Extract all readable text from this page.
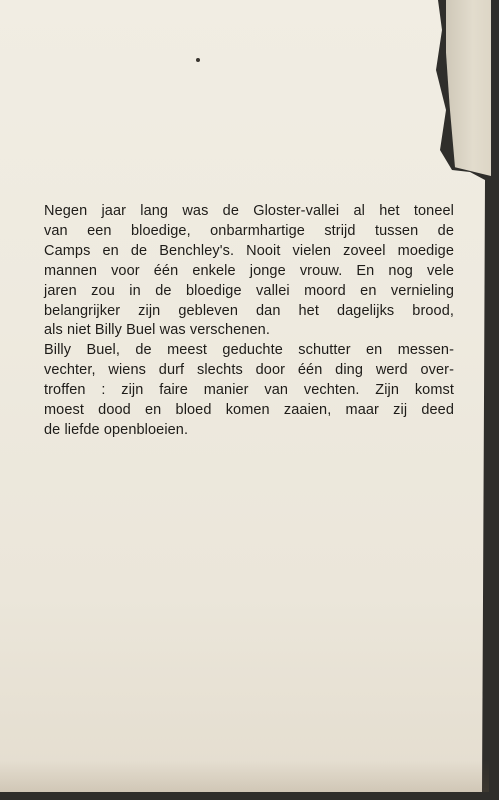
Negen jaar lang was de Gloster-vallei al het toneel
van een bloedige, onbarmhartige strijd tussen de
Camps en de Benchley's. Nooit vielen zoveel moedige
mannen voor één enkele jonge vrouw. En nog vele
jaren zou in de bloedige vallei moord en vernieling
belangrijker zijn gebleven dan het dagelijks brood,
als niet Billy Buel was verschenen.
Billy Buel, de meest geduchte schutter en messen-
vechter, wiens durf slechts door één ding werd over-
troffen : zijn faire manier van vechten. Zijn komst
moest dood en bloed komen zaaien, maar zij deed
de liefde openbloeien.
